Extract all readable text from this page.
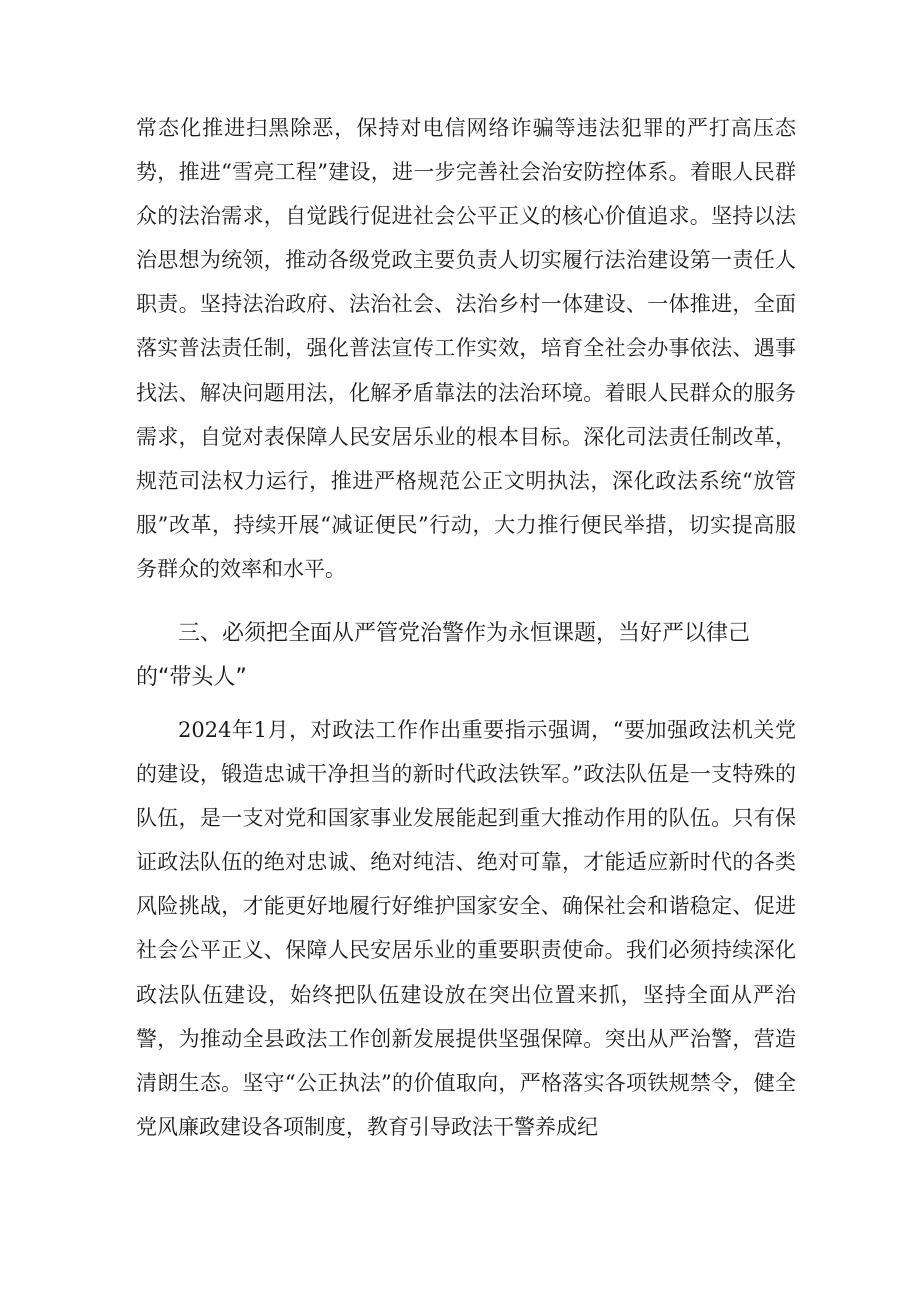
常态化推进扫黑除恶，保持对电信网络诈骗等违法犯罪的严打高压态势，推进“雪亮工程”建设，进一步完善社会治安防控体系。着眼人民群众的法治需求，自觉践行促进社会公平正义的核心价值追求。坚持以法治思想为统领，推动各级党政主要负责人切实履行法治建设第一责任人职责。坚持法治政府、法治社会、法治乡村一体建设、一体推进，全面落实普法责任制，强化普法宣传工作实效，培育全社会办事依法、遇事找法、解决问题用法，化解矛盾靠法的法治环境。着眼人民群众的服务需求，自觉对表保障人民安居乐业的根本目标。深化司法责任制改革，规范司法权力运行，推进严格规范公正文明执法，深化政法系统“放管服”改革，持续开展“减证便民”行动，大力推行便民举措，切实提高服务群众的效率和水平。

三、必须把全面从严管党治警作为永恒课题，当好严以律己的“带头人”

2024年1月，对政法工作作出重要指示强调，“要加强政法机关党的建设，锻造忠诚干净担当的新时代政法铁军。”政法队伍是一支特殊的队伍，是一支对党和国家事业发展能起到重大推动作用的队伍。只有保证政法队伍的绝对忠诚、绝对纯洁、绝对可靠，才能适应新时代的各类风险挑战，才能更好地履行好维护国家安全、确保社会和谐稳定、促进社会公平正义、保障人民安居乐业的重要职责使命。我们必须持续深化政法队伍建设，始终把队伍建设放在突出位置来抓，坚持全面从严治警，为推动全县政法工作创新发展提供坚强保障。突出从严治警，营造清朗生态。坚守“公正执法”的价值取向，严格落实各项铁规禁令，健全党风廉政建设各项制度，教育引导政法干警养成纪
